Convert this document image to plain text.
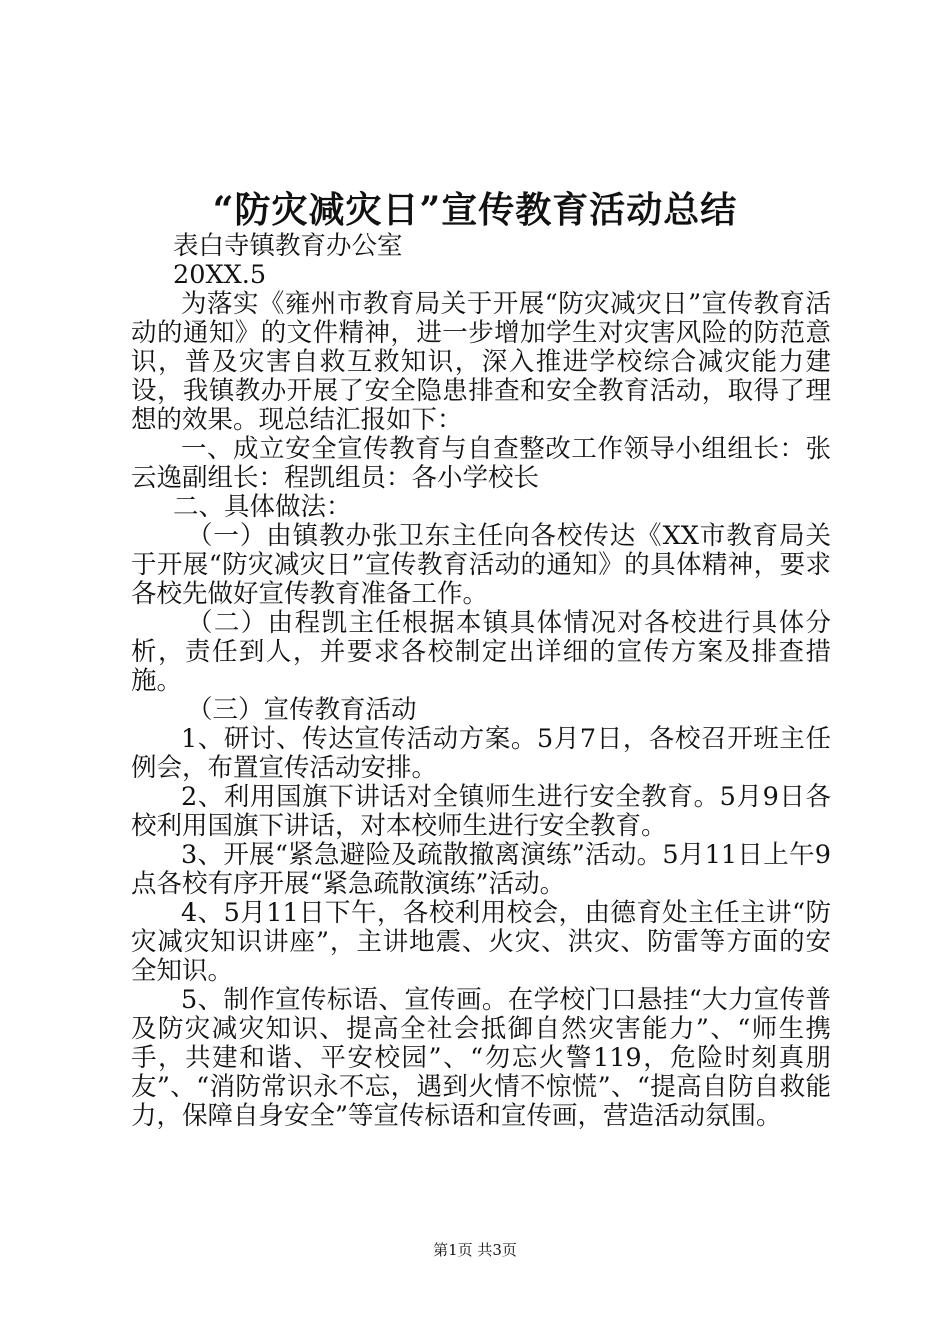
“防灾减灾日”宣传教育活动总结

表白寺镇教育办公室

20XX.5

为落实《雍州市教育局关于开展“防灾减灾日”宣传教育活动的通知》的文件精神，进一步增加学生对灾害风险的防范意识，普及灾害自救互救知识，深入推进学校综合减灾能力建设，我镇教办开展了安全隐患排查和安全教育活动，取得了理想的效果。现总结汇报如下：

一、成立安全宣传教育与自查整改工作领导小组组长：张云逸副组长：程凯组员：各小学校长

二、具体做法：

（一）由镇教办张卫东主任向各校传达《XX市教育局关于开展“防灾减灾日”宣传教育活动的通知》的具体精神，要求各校先做好宣传教育准备工作。

（二）由程凯主任根据本镇具体情况对各校进行具体分析，责任到人，并要求各校制定出详细的宣传方案及排查措施。

（三）宣传教育活动

1、研讨、传达宣传活动方案。5月7日，各校召开班主任例会，布置宣传活动安排。

2、利用国旗下讲话对全镇师生进行安全教育。5月9日各校利用国旗下讲话，对本校师生进行安全教育。

3、开展“紧急避险及疏散撤离演练”活动。5月11日上午9点各校有序开展“紧急疏散演练”活动。

4、5月11日下午，各校利用校会，由德育处主任主讲“防灾减灾知识讲座”，主讲地震、火灾、洪灾、防雷等方面的安全知识。

5、制作宣传标语、宣传画。在学校门口悬挂“大力宣传普及防灾减灾知识、提高全社会抵御自然灾害能力”、“师生携手，共建和谐、平安校园”、“勿忘火警119，危险时刻真朋友”、“消防常识永不忘，遇到火情不惊慌”、“提高自防自救能力，保障自身安全”等宣传标语和宣传画，营造活动氛围。

第1页 共3页
